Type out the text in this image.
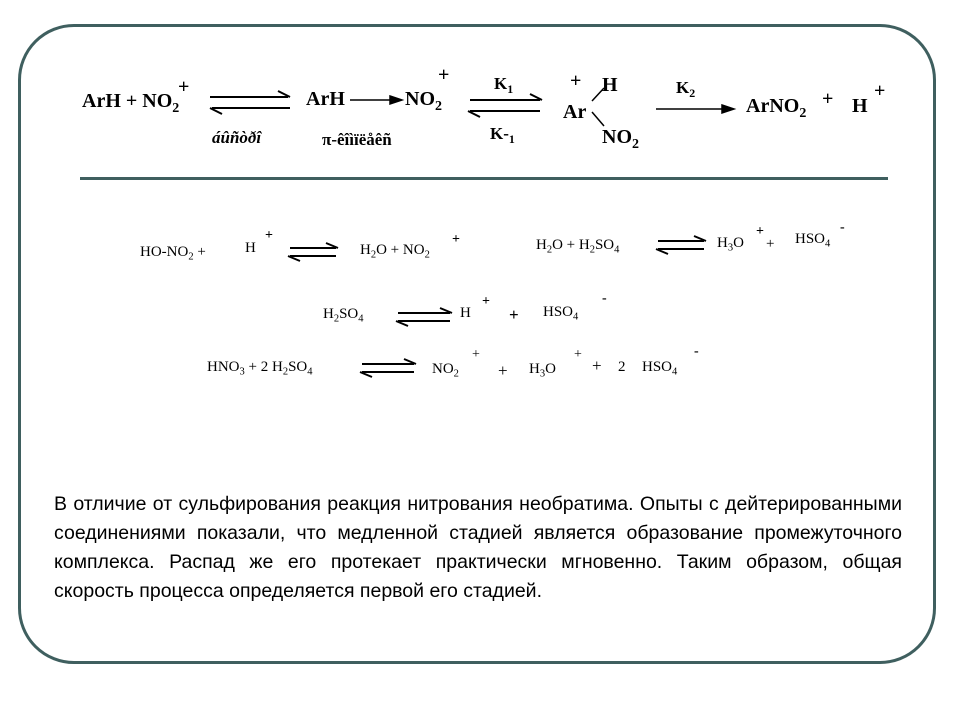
ArH + $NO_2$
+
ArH	$NO_2$
+	$K_1$
$K-_1$
+ H
Ar
$NO_2$
$K_2$
ArNO$_2$
+ H
+
áûñòðî	π-êîìïëåêñ
$HO-NO_2$ +	H
+
$H_2O + NO_2$
+	$H_2O + H_2SO_4$	$H_3O$
+
+ $HSO_4$
-
$H_2SO_4$	H
+
+ $HSO_4$
-
$HNO_3 + 2$ $H_2SO_4$	$NO_2$
+
+ $H_3O$
+
+ 2 $HSO_4$
-
В отличие от сульфирования реакция нитрования необратима. Опыты с дейтерированными соединениями показали, что медленной стадией является образование промежуточного комплекса. Распад же его протекает практически мгновенно. Таким образом, общая скорость процесса определяется первой его стадией.
